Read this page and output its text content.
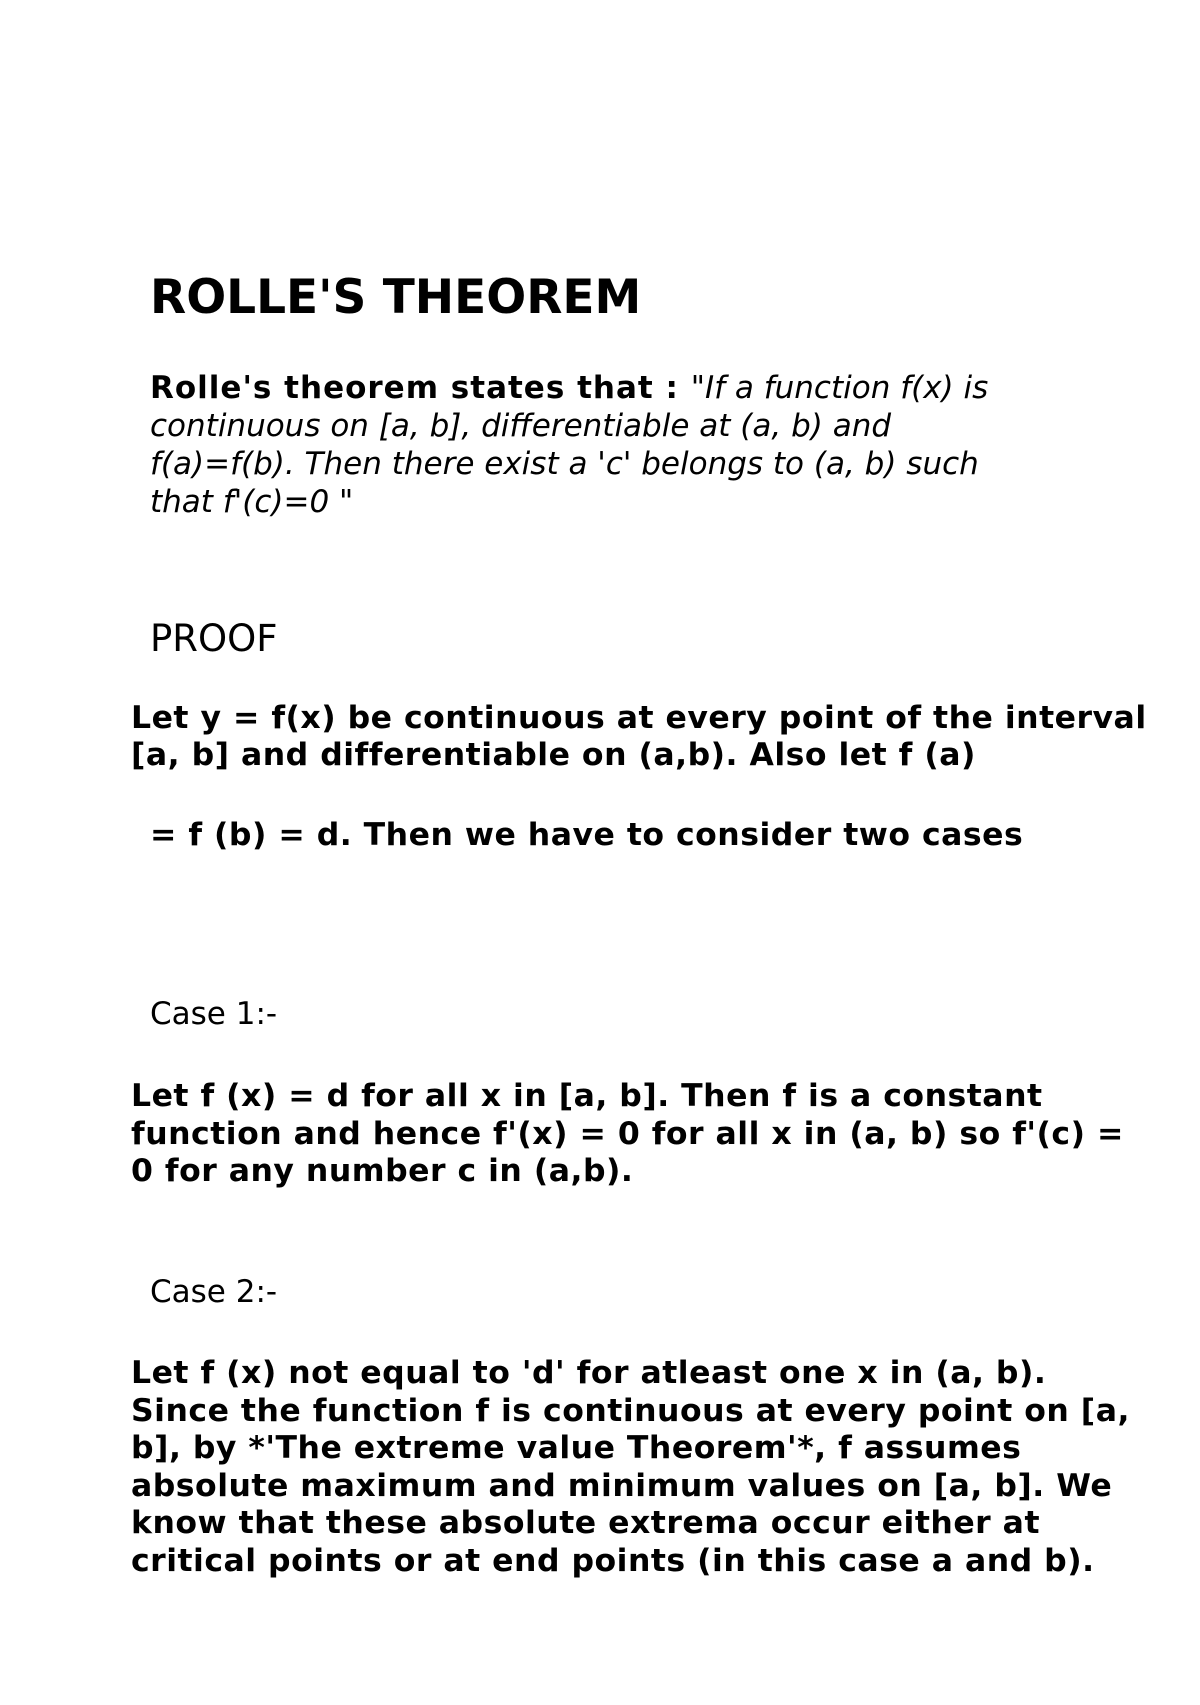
ROLLE'S THEOREM

Rolle's theorem states that : "If a function f(x) is continuous on [a, b], differentiable at (a, b) and f(a)=f(b). Then there exist a 'c' belongs to (a, b) such that f'(c)=0 "

PROOF

Let y = f(x) be continuous at every point of the interval [a, b] and differentiable on (a,b). Also let f (a)

= f (b) = d. Then we have to consider two cases

Case 1:-

Let f (x) = d for all x in [a, b]. Then f is a constant function and hence f'(x) = 0 for all x in (a, b) so f'(c) = 0 for any number c in (a,b).

Case 2:-

Let f (x) not equal to 'd' for atleast one x in (a, b). Since the function f is continuous at every point on [a, b], by *'The extreme value Theorem'*, f assumes absolute maximum and minimum values on [a, b]. We know that these absolute extrema occur either at critical points or at end points (in this case a and b).
